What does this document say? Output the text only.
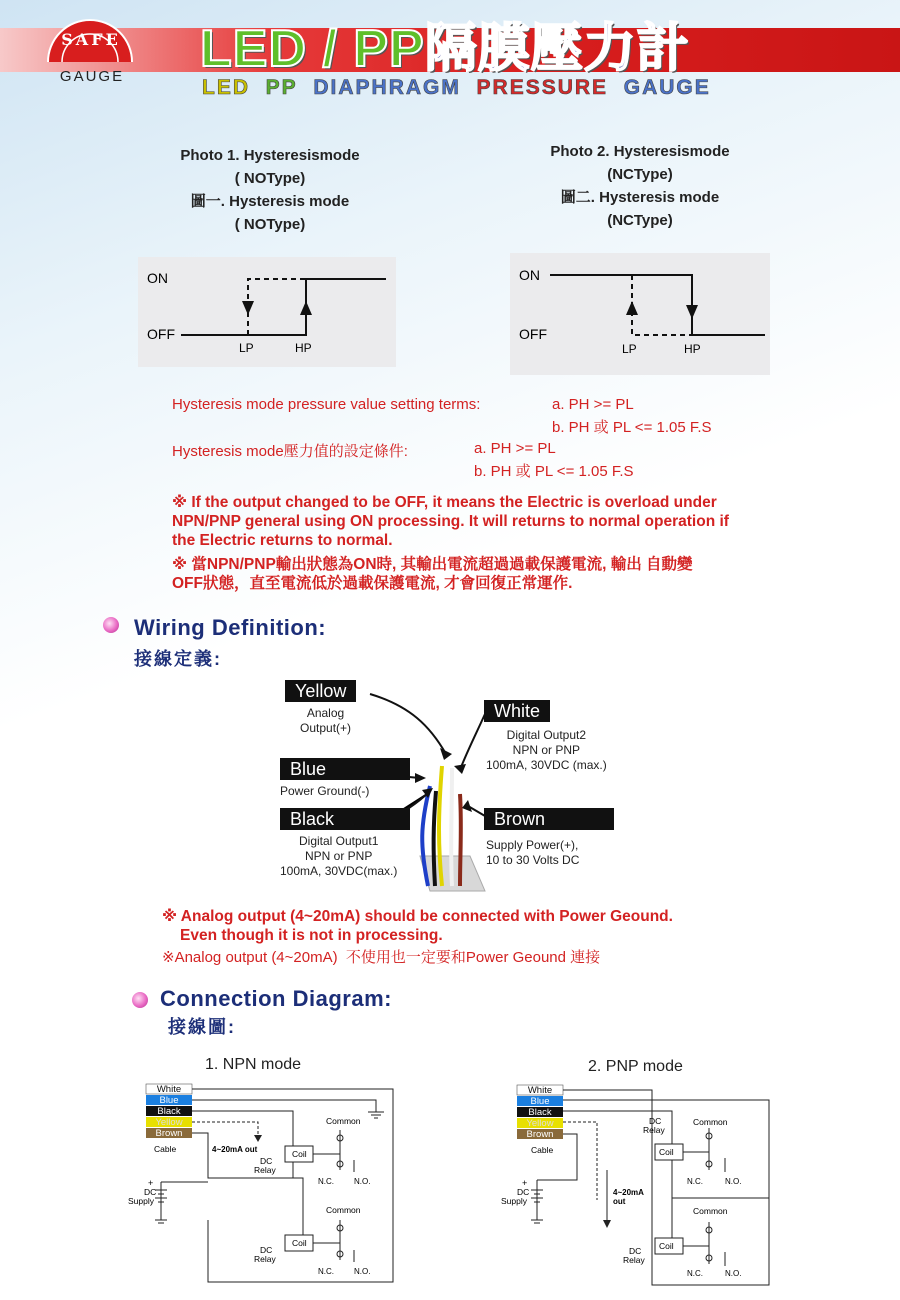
SAFE
GAUGE	LED / PP隔膜壓力計
LED PP DIAPHRAGM PRESSURE GAUGE
Photo 1. Hysteresismode
( NOType)
圖一. Hysteresis mode
( NOType)
Photo 2. Hysteresismode
(NCType)
圖二. Hysteresis mode
(NCType)
ON
OFF
LP	HP
ON
OFF
LP	HP
Hysteresis mode pressure value setting terms:	a. PH >= PL
b. PH 或 PL <= 1.05 F.S
Hysteresis mode壓力值的設定條件:	a. PH >= PL
b. PH 或 PL <= 1.05 F.S
※ If the output changed to be OFF, it means the Electric is overload under NPN/PNP general using ON processing. It will returns to normal operation if the Electric returns to normal.
※ 當NPN/PNP輸出狀態為ON時, 其輸出電流超過過載保護電流, 輸出 自動變OFF狀態，直至電流低於過載保護電流, 才會回復正常運作.
Wiring Definition:
接線定義:
Yellow
Analog
Output(+)
White
Digital Output2
NPN or PNP
100mA, 30VDC (max.)
Blue
Power Ground(-)
Black
Digital Output1
NPN or PNP
100mA, 30VDC(max.)
Brown
Supply Power(+),
10 to 30 Volts DC
※ Analog output (4~20mA) should be connected with Power Geound.
Even though it is not in processing.
※Analog output (4~20mA)  不使用也一定要和Power Geound 連接
Connection Diagram:
接線圖:
1. NPN mode	2. PNP mode
White
Blue
Black
Yellow
Brown
Cable	4~20mA out
Common
Coil
DC
Relay
N.C.	N.O.
Common
Coil
DC
Relay
N.C.	N.O.
+
DC
Supply
White
Blue
Black
Yellow
Brown
Cable
4~20mA
out
Common
Coil
DC
Relay
N.C.	N.O.
Common
Coil
DC
Relay
N.C.	N.O.
+
DC
Supply
